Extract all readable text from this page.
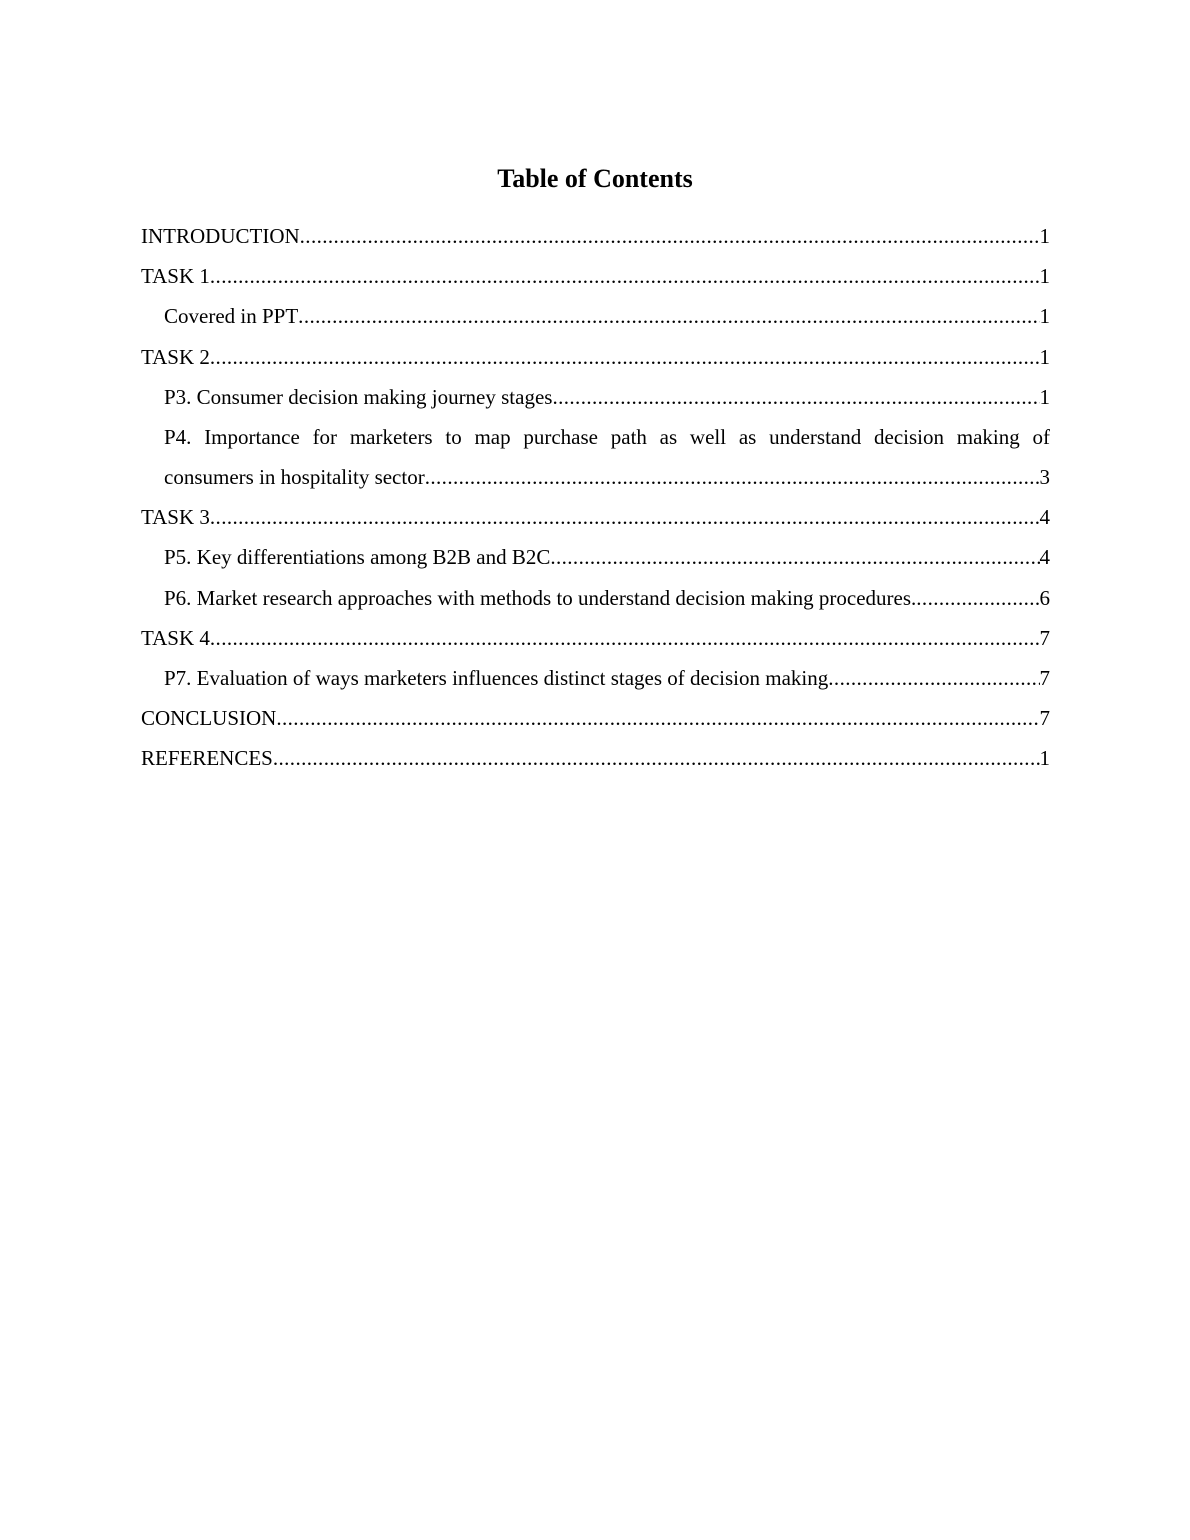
Table of Contents
INTRODUCTION .....	1
TASK 1 .....	1
Covered in PPT .....	1
TASK 2 .....	1
P3. Consumer decision making journey stages .....	1
P4. Importance for marketers to map purchase path as well as understand decision making of
consumers in hospitality sector .....	3
TASK 3 .....	4
P5. Key differentiations among B2B and B2C .....	4
P6. Market research approaches with methods to understand decision making procedures. .....	6
TASK 4 .....	7
P7. Evaluation of ways marketers influences distinct stages of decision making .....	7
CONCLUSION .....	7
REFERENCES .....	1
